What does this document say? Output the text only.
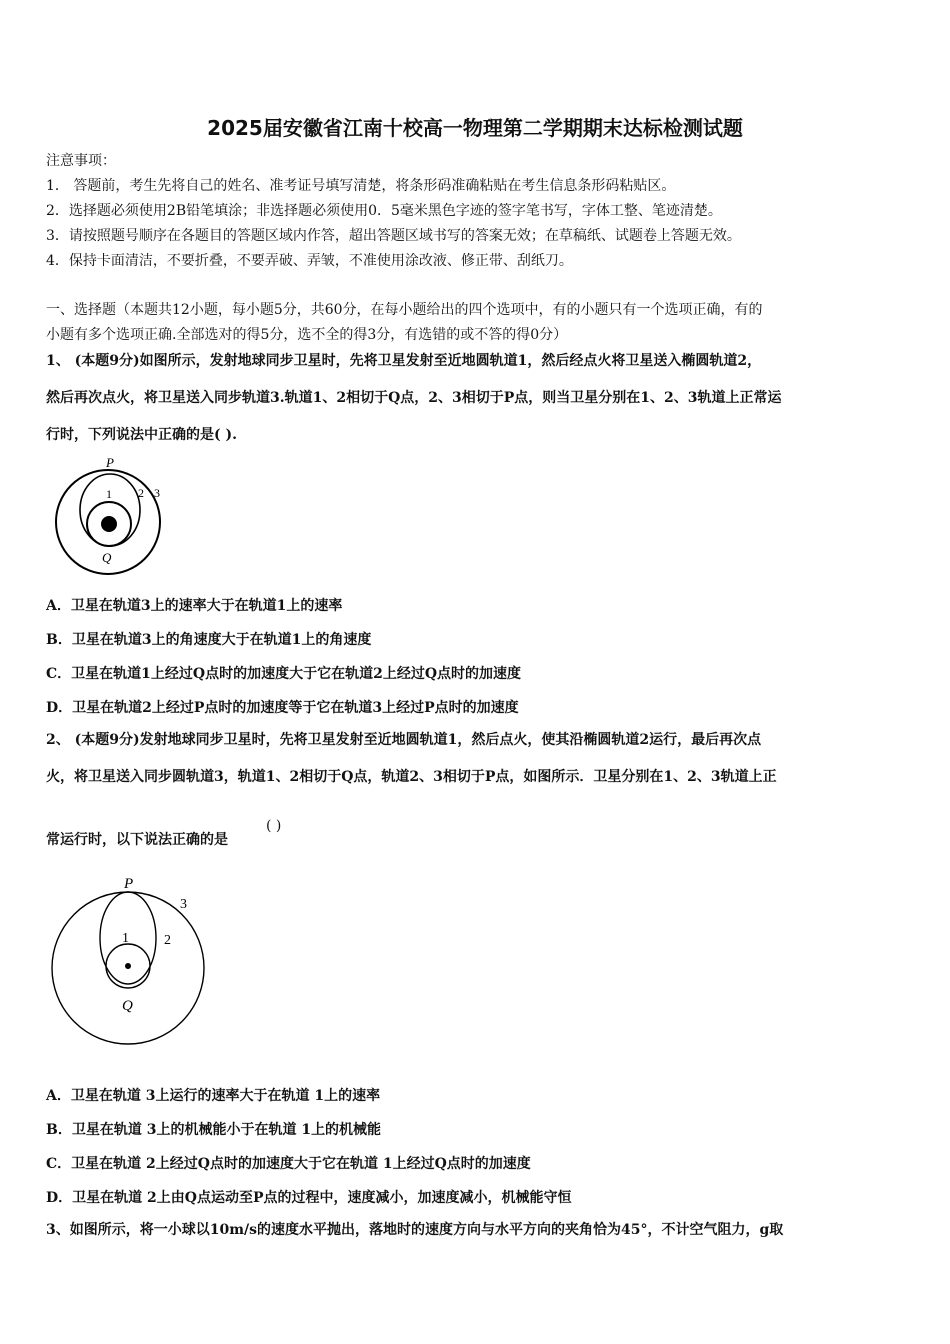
2025届安徽省江南十校高一物理第二学期期末达标检测试题
注意事项：
1． 答题前，考生先将自己的姓名、准考证号填写清楚，将条形码准确粘贴在考生信息条形码粘贴区。
2．选择题必须使用2B铅笔填涂；非选择题必须使用0．5毫米黑色字迹的签字笔书写，字体工整、笔迹清楚。
3．请按照题号顺序在各题目的答题区域内作答，超出答题区域书写的答案无效；在草稿纸、试题卷上答题无效。
4．保持卡面清洁，不要折叠，不要弄破、弄皱，不准使用涂改液、修正带、刮纸刀。
一、选择题（本题共12小题，每小题5分，共60分，在每小题给出的四个选项中，有的小题只有一个选项正确，有的
小题有多个选项正确.全部选对的得5分，选不全的得3分，有选错的或不答的得0分）
1、 (本题9分)如图所示，发射地球同步卫星时，先将卫星发射至近地圆轨道1，然后经点火将卫星送入椭圆轨道2，
然后再次点火，将卫星送入同步轨道3.轨道1、2相切于Q点，2、3相切于P点，则当卫星分别在1、2、3轨道上正常运
行时，下列说法中正确的是( ).
P
Q
1 2 3
A．卫星在轨道3上的速率大于在轨道1上的速率
B．卫星在轨道3上的角速度大于在轨道1上的角速度
C．卫星在轨道1上经过Q点时的加速度大于它在轨道2上经过Q点时的加速度
D．卫星在轨道2上经过P点时的加速度等于它在轨道3上经过P点时的加速度
2、 (本题9分)发射地球同步卫星时，先将卫星发射至近地圆轨道1，然后点火，使其沿椭圆轨道2运行，最后再次点
火，将卫星送入同步圆轨道3，轨道1、2相切于Q点，轨道2、3相切于P点，如图所示．卫星分别在1、2、3轨道上正
常运行时，以下说法正确的是
( )
P
Q
1	2
3
A．卫星在轨道 3上运行的速率大于在轨道 1上的速率
B．卫星在轨道 3上的机械能小于在轨道 1上的机械能
C．卫星在轨道 2上经过Q点时的加速度大于它在轨道 1上经过Q点时的加速度
D．卫星在轨道 2上由Q点运动至P点的过程中，速度减小，加速度减小，机械能守恒
3、如图所示，将一小球以10m/s的速度水平抛出，落地时的速度方向与水平方向的夹角恰为45°，不计空气阻力，g取
